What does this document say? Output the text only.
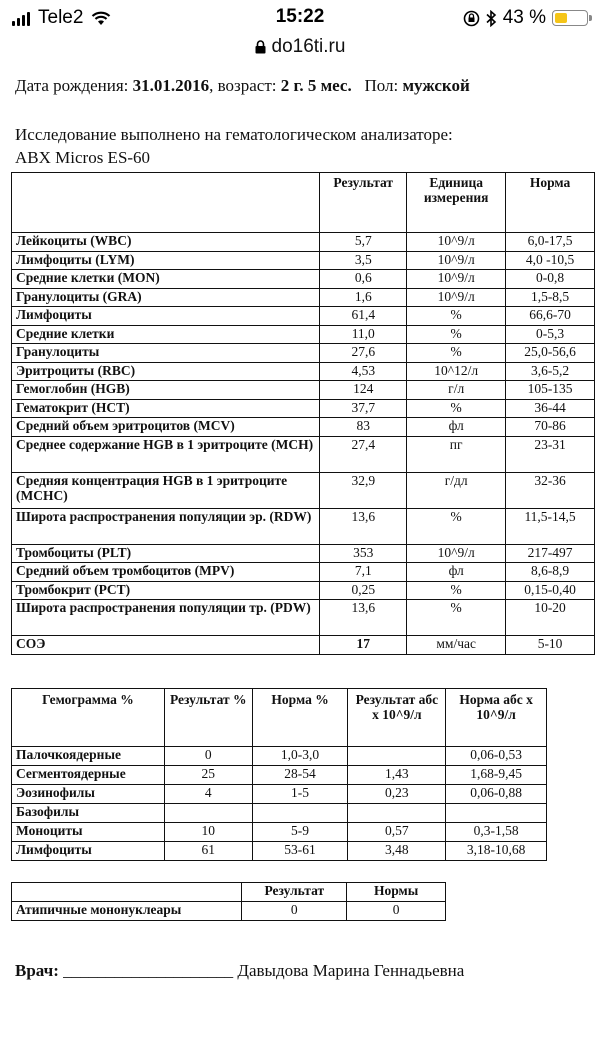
Tele2	15:22	43 %
do16ti.ru
Дата рождения: 31.01.2016, возраст: 2 г. 5 мес. Пол: мужской
Исследование выполнено на гематологическом анализаторе:
ABX Micros ES-60
	Результат	Единица измерения	Норма
Лейкоциты (WBC)	5,7	10^9/л	6,0-17,5
Лимфоциты (LYM)	3,5	10^9/л	4,0 -10,5
Средние клетки (MON)	0,6	10^9/л	0-0,8
Гранулоциты (GRA)	1,6	10^9/л	1,5-8,5
Лимфоциты	61,4	%	66,6-70
Средние клетки	11,0	%	0-5,3
Гранулоциты	27,6	%	25,0-56,6
Эритроциты (RBC)	4,53	10^12/л	3,6-5,2
Гемоглобин (HGB)	124	г/л	105-135
Гематокрит (HCT)	37,7	%	36-44
Средний объем эритроцитов (MCV)	83	фл	70-86
Среднее содержание HGB в 1 эритроците (MCH)	27,4	пг	23-31
Средняя концентрация HGB в 1 эритроците (MCHC)	32,9	г/дл	32-36
Широта распространения популяции эр. (RDW)	13,6	%	11,5-14,5
Тромбоциты (PLT)	353	10^9/л	217-497
Средний объем тромбоцитов (MPV)	7,1	фл	8,6-8,9
Тромбокрит (PCT)	0,25	%	0,15-0,40
Широта распространения популяции тр. (PDW)	13,6	%	10-20
СОЭ	17	мм/час	5-10
Гемограмма %	Результат %	Норма %	Результат абс х 10^9/л	Норма абс х 10^9/л
Палочкоядерные	0	1,0-3,0		0,06-0,53
Сегментоядерные	25	28-54	1,43	1,68-9,45
Эозинофилы	4	1-5	0,23	0,06-0,88
Базофилы				
Моноциты	10	5-9	0,57	0,3-1,58
Лимфоциты	61	53-61	3,48	3,18-10,68
	Результат	Нормы
Атипичные мононуклеары	0	0
Врач: ____________________ Давыдова Марина Геннадьевна
